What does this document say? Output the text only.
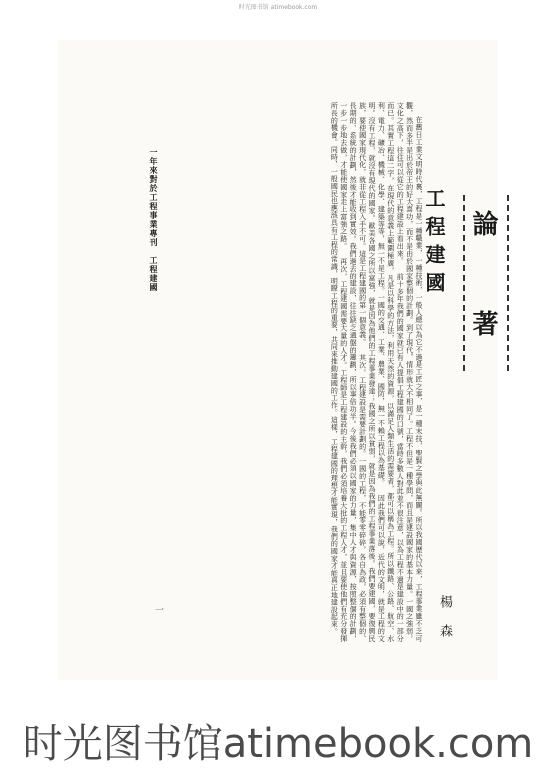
时光图书馆 atimebook.com
論
著
工程建國
楊森

在舊日工業文明時代裏，工程是一種職業，一種技術，一般人總以為它不過是工匠之事，是一種末技，聖賢之學與此無關。所以我國歷代以來，工程事業雖不乏可觀，然而多半是出於帝王的好大喜功，而不是由於國家整個的計劃。到了現代，情形就大不相同了。工程不但是一種學問，而且是建設國家的基本力量。一國之強弱，文化之高下，往往可以從它的工程建設上看出來。 前十多年我們的國家就已有人提倡工程建國的口號，當時多數人對此並不很注意，以為工程不過是建設中的一部分而已。其實工程這二字，在現代的意義上範圍極廣，凡是以科學的方法，利用天然的資源，以滿足人類生活的需要者，都可以稱為工程。所以鐵路、公路、航空、水利、電力、礦冶、機械、化學、建築等等，無一不是工程。一國的交通、工業、農業、國防，無一不賴工程以為基礎。 因此我們可以說，近代的文明，就是工程的文明。沒有工程，就沒有現代的國家。歐美各國之所以富強，就是因為他們的工程事業發達；我國之所以貧弱，就是因為我們的工程事業落後。我們要建國，要復興民族，要使國家現代化，就非從工程入手不可。這是工程建國的第一個意義。 其次，工程建設是需要計劃的。一國的工程，不能零零碎碎，各自為政，必須有整個的、長期的、系統的計劃，然後才能收到實效。我們過去的建設，往往缺乏通盤的籌劃，所以事倍功半。今後我們必須以國家的力量，集中人才與資源，按照整個的計劃，一步一步地去做，才能使國家走上富強之路。 再次，工程建國需要大量的人才。工程師是工程建設的主幹，我們必須培養大批的工程人才，並且要使他們有充分發揮所長的機會。同時，一般國民也應該具有工程的常識，明瞭工程的重要，共同來推動建國的工作。這樣，工程建國的理想才能實現，我們的國家才能真正地建設起來。

一年來對於工程事業專刊　工程建國
一
时光图书馆atimebook.com
